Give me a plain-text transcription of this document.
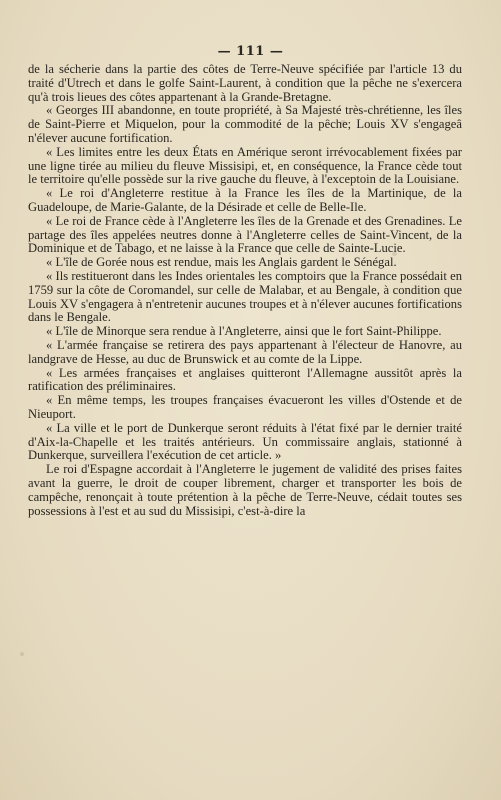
— 111 —

de la sécherie dans la partie des côtes de Terre-Neuve spécifiée par l'article 13 du traité d'Utrech et dans le golfe Saint-Laurent, à condition que la pêche ne s'exercera qu'à trois lieues des côtes appartenant à la Grande-Bretagne.

« Georges III abandonne, en toute propriété, à Sa Majesté très-chrétienne, les îles de Saint-Pierre et Miquelon, pour la commodité de la pêche; Louis XV s'engageâ n'élever aucune fortification.

« Les limites entre les deux États en Amérique seront irrévocablement fixées par une ligne tirée au milieu du fleuve Missisipi, et, en conséquence, la France cède tout le territoire qu'elle possède sur la rive gauche du fleuve, à l'exceptoin de la Louisiane.

« Le roi d'Angleterre restitue à la France les îles de la Martinique, de la Guadeloupe, de Marie-Galante, de la Désirade et celle de Belle-Ile.

« Le roi de France cède à l'Angleterre les îles de la Grenade et des Grenadines. Le partage des îles appelées neutres donne à l'Angleterre celles de Saint-Vincent, de la Dominique et de Tabago, et ne laisse à la France que celle de Sainte-Lucie.

« L'île de Gorée nous est rendue, mais les Anglais gardent le Sénégal.

« Ils restitueront dans les Indes orientales les comptoirs que la France possédait en 1759 sur la côte de Coromandel, sur celle de Malabar, et au Bengale, à condition que Louis XV s'engagera à n'entretenir aucunes troupes et à n'élever aucunes fortifications dans le Bengale.

« L'île de Minorque sera rendue à l'Angleterre, ainsi que le fort Saint-Philippe.

« L'armée française se retirera des pays appartenant à l'électeur de Hanovre, au landgrave de Hesse, au duc de Brunswick et au comte de la Lippe.

« Les armées françaises et anglaises quitteront l'Allemagne aussitôt après la ratification des préliminaires.

« En même temps, les troupes françaises évacueront les villes d'Ostende et de Nieuport.

« La ville et le port de Dunkerque seront réduits à l'état fixé par le dernier traité d'Aix-la-Chapelle et les traités antérieurs. Un commissaire anglais, stationné à Dunkerque, surveillera l'exécution de cet article. »

Le roi d'Espagne accordait à l'Angleterre le jugement de validité des prises faites avant la guerre, le droit de couper librement, charger et transporter les bois de campêche, renonçait à toute prétention à la pêche de Terre-Neuve, cédait toutes ses possessions à l'est et au sud du Missisipi, c'est-à-dire la
